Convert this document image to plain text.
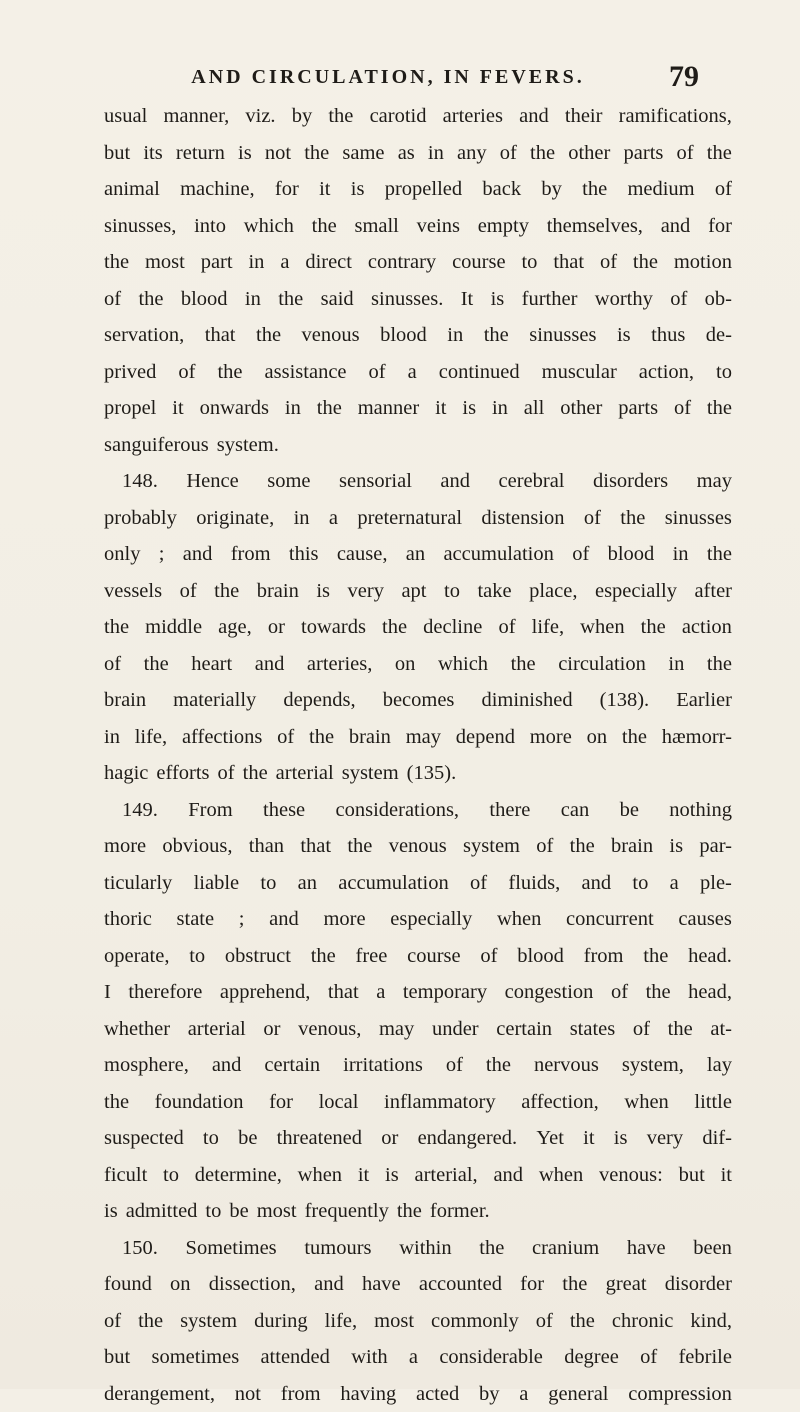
AND CIRCULATION, IN FEVERS.	79
usual manner, viz. by the carotid arteries and their ramifications,
but its return is not the same as in any of the other parts of the
animal machine, for it is propelled back by the medium of
sinusses, into which the small veins empty themselves, and for
the most part in a direct contrary course to that of the motion
of the blood in the said sinusses. It is further worthy of ob-
servation, that the venous blood in the sinusses is thus de-
prived of the assistance of a continued muscular action, to
propel it onwards in the manner it is in all other parts of the
sanguiferous system.
148. Hence some sensorial and cerebral disorders may
probably originate, in a preternatural distension of the sinusses
only ; and from this cause, an accumulation of blood in the
vessels of the brain is very apt to take place, especially after
the middle age, or towards the decline of life, when the action
of the heart and arteries, on which the circulation in the
brain materially depends, becomes diminished (138). Earlier
in life, affections of the brain may depend more on the hæmorr-
hagic efforts of the arterial system (135).
149. From these considerations, there can be nothing
more obvious, than that the venous system of the brain is par-
ticularly liable to an accumulation of fluids, and to a ple-
thoric state ; and more especially when concurrent causes
operate, to obstruct the free course of blood from the head.
I therefore apprehend, that a temporary congestion of the head,
whether arterial or venous, may under certain states of the at-
mosphere, and certain irritations of the nervous system, lay
the foundation for local inflammatory affection, when little
suspected to be threatened or endangered. Yet it is very dif-
ficult to determine, when it is arterial, and when venous: but it
is admitted to be most frequently the former.
150. Sometimes tumours within the cranium have been
found on dissection, and have accounted for the great disorder
of the system during life, most commonly of the chronic kind,
but sometimes attended with a considerable degree of febrile
derangement, not from having acted by a general compression
